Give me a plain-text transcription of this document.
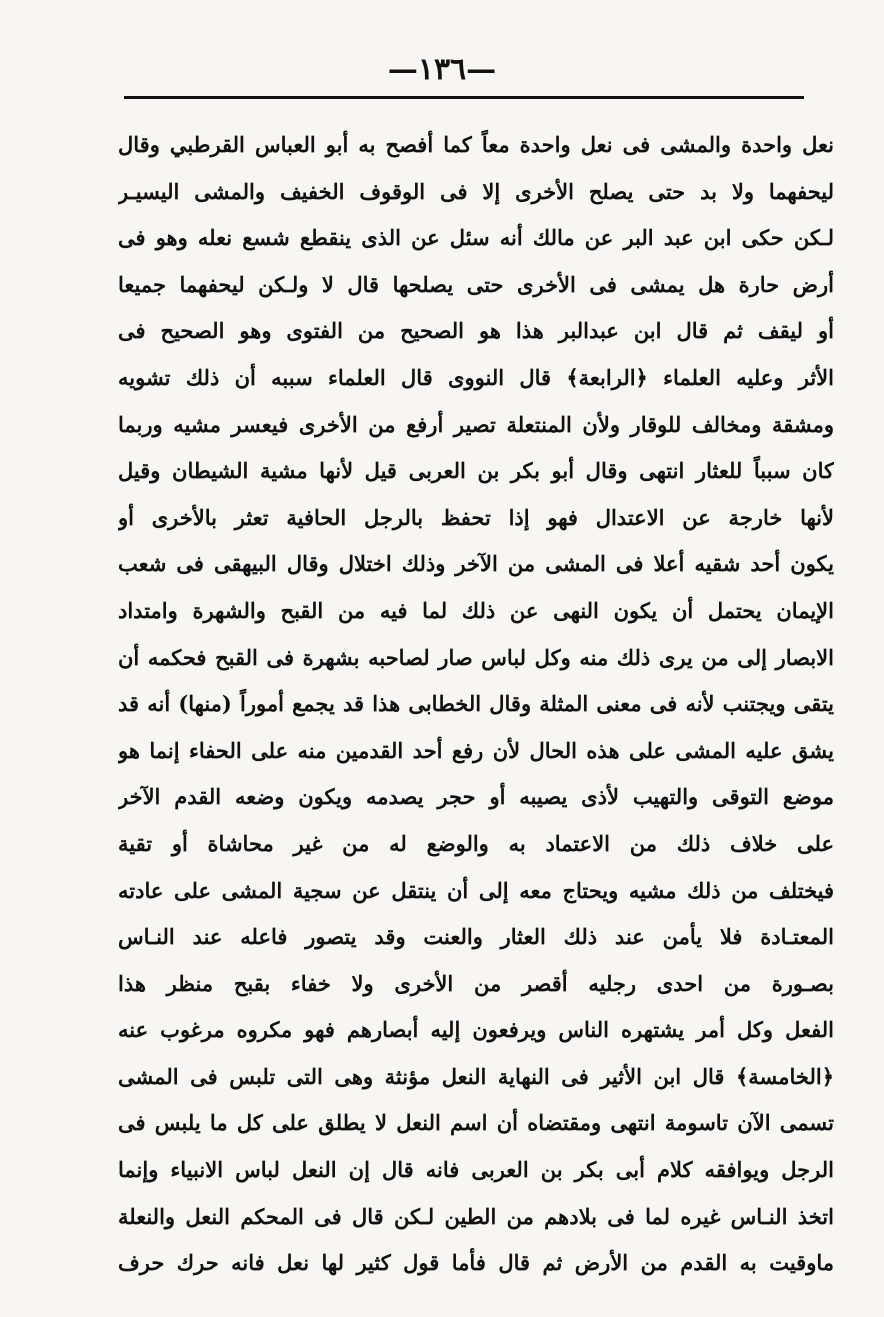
—١٣٦—
نعل واحدة والمشى فى نعل واحدة معاً كما أفصح به أبو العباس القرطبي وقال
ليحفهما ولا بد حتى يصلح الأخرى إلا فى الوقوف الخفيف والمشى اليسيـر
لـكن حكى ابن عبد البر عن مالك أنه سئل عن الذى ينقطع شسع نعله وهو فى
أرض حارة هل يمشى فى الأخرى حتى يصلحها قال لا ولـكن ليحفهما جميعا
أو ليقف ثم قال ابن عبدالبر هذا هو الصحيح من الفتوى وهو الصحيح فى
الأثر وعليه العلماء ﴿الرابعة﴾ قال النووى قال العلماء سببه أن ذلك تشويه
ومشقة ومخالف للوقار ولأن المنتعلة تصير أرفع من الأخرى فيعسر مشيه وربما
كان سبباً للعثار انتهى وقال أبو بكر بن العربى قيل لأنها مشية الشيطان وقيل
لأنها خارجة عن الاعتدال فهو إذا تحفظ بالرجل الحافية تعثر بالأخرى أو
يكون أحد شقيه أعلا فى المشى من الآخر وذلك اختلال وقال البيهقى فى شعب
الإيمان يحتمل أن يكون النهى عن ذلك لما فيه من القبح والشهرة وامتداد
الابصار إلى من يرى ذلك منه وكل لباس صار لصاحبه بشهرة فى القبح فحكمه أن
يتقى ويجتنب لأنه فى معنى المثلة وقال الخطابى هذا قد يجمع أموراً (منها) أنه قد
يشق عليه المشى على هذه الحال لأن رفع أحد القدمين منه على الحفاء إنما هو
موضع التوقى والتهيب لأذى يصيبه أو حجر يصدمه ويكون وضعه القدم الآخر
على خلاف ذلك من الاعتماد به والوضع له من غير محاشاة أو تقية
فيختلف من ذلك مشيه ويحتاج معه إلى أن ينتقل عن سجية المشى على عادته
المعتـادة فلا يأمن عند ذلك العثار والعنت وقد يتصور فاعله عند النـاس
بصـورة من احدى رجليه أقصر من الأخرى ولا خفاء بقبح منظر هذا
الفعل وكل أمر يشتهره الناس ويرفعون إليه أبصارهم فهو مكروه مرغوب عنه
﴿الخامسة﴾ قال ابن الأثير فى النهاية النعل مؤنثة وهى التى تلبس فى المشى
تسمى الآن تاسومة انتهى ومقتضاه أن اسم النعل لا يطلق على كل ما يلبس فى
الرجل ويوافقه كلام أبى بكر بن العربى فانه قال إن النعل لباس الانبياء وإنما
اتخذ النـاس غيره لما فى بلادهم من الطين لـكن قال فى المحكم النعل والنعلة
ماوقيت به القدم من الأرض ثم قال فأما قول كثير لها نعل فانه حرك حرف
